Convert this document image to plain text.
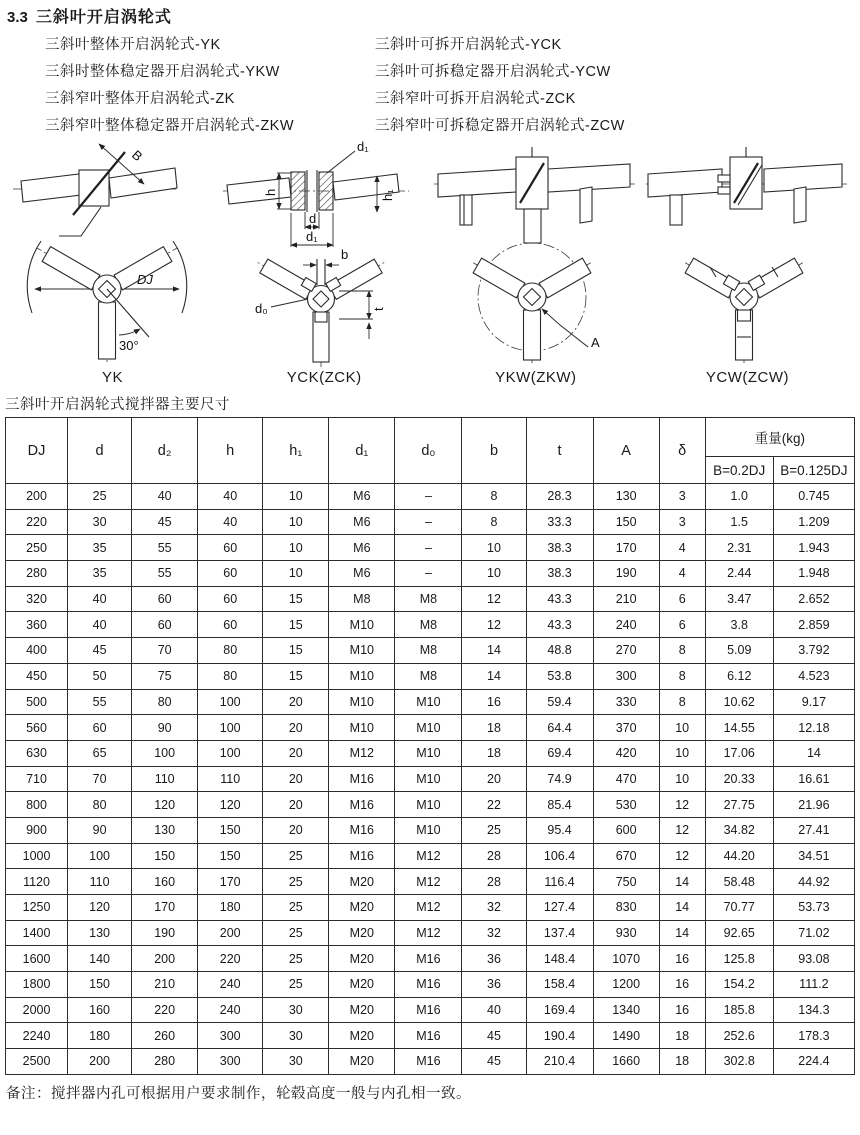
3.3 三斜叶开启涡轮式
三斜叶整体开启涡轮式-YK	三斜叶可拆开启涡轮式-YCK
三斜时整体稳定器开启涡轮式-YKW	三斜叶可拆稳定器开启涡轮式-YCW
三斜窄叶整体开启涡轮式-ZK	三斜窄叶可拆开启涡轮式-ZCK
三斜窄叶整体稳定器开启涡轮式-ZKW	三斜窄叶可拆稳定器开启涡轮式-ZCW
B
DJ
30°
YK
d₁
h	h₁
d
d₁
b
d₀	t
YCK(ZCK)
A
YKW(ZKW)	YCW(ZCW)
三斜叶开启涡轮式搅拌器主要尺寸
DJ	d	d₂	h	h₁	d₁	d₀	b	t	A	δ	重量(kg)	
											B=0.2DJ	B=0.125DJ
200	25	40	40	10	M6	–	8	28.3	130	3	1.0	0.745
220	30	45	40	10	M6	–	8	33.3	150	3	1.5	1.209
250	35	55	60	10	M6	–	10	38.3	170	4	2.31	1.943
280	35	55	60	10	M6	–	10	38.3	190	4	2.44	1.948
320	40	60	60	15	M8	M8	12	43.3	210	6	3.47	2.652
360	40	60	60	15	M10	M8	12	43.3	240	6	3.8	2.859
400	45	70	80	15	M10	M8	14	48.8	270	8	5.09	3.792
450	50	75	80	15	M10	M8	14	53.8	300	8	6.12	4.523
500	55	80	100	20	M10	M10	16	59.4	330	8	10.62	9.17
560	60	90	100	20	M10	M10	18	64.4	370	10	14.55	12.18
630	65	100	100	20	M12	M10	18	69.4	420	10	17.06	14
710	70	110	110	20	M16	M10	20	74.9	470	10	20.33	16.61
800	80	120	120	20	M16	M10	22	85.4	530	12	27.75	21.96
900	90	130	150	20	M16	M10	25	95.4	600	12	34.82	27.41
1000	100	150	150	25	M16	M12	28	106.4	670	12	44.20	34.51
1120	110	160	170	25	M20	M12	28	116.4	750	14	58.48	44.92
1250	120	170	180	25	M20	M12	32	127.4	830	14	70.77	53.73
1400	130	190	200	25	M20	M12	32	137.4	930	14	92.65	71.02
1600	140	200	220	25	M20	M16	36	148.4	1070	16	125.8	93.08
1800	150	210	240	25	M20	M16	36	158.4	1200	16	154.2	111.2
2000	160	220	240	30	M20	M16	40	169.4	1340	16	185.8	134.3
2240	180	260	300	30	M20	M16	45	190.4	1490	18	252.6	178.3
2500	200	280	300	30	M20	M16	45	210.4	1660	18	302.8	224.4
备注：搅拌器内孔可根据用户要求制作，轮毂高度一般与内孔相一致。
